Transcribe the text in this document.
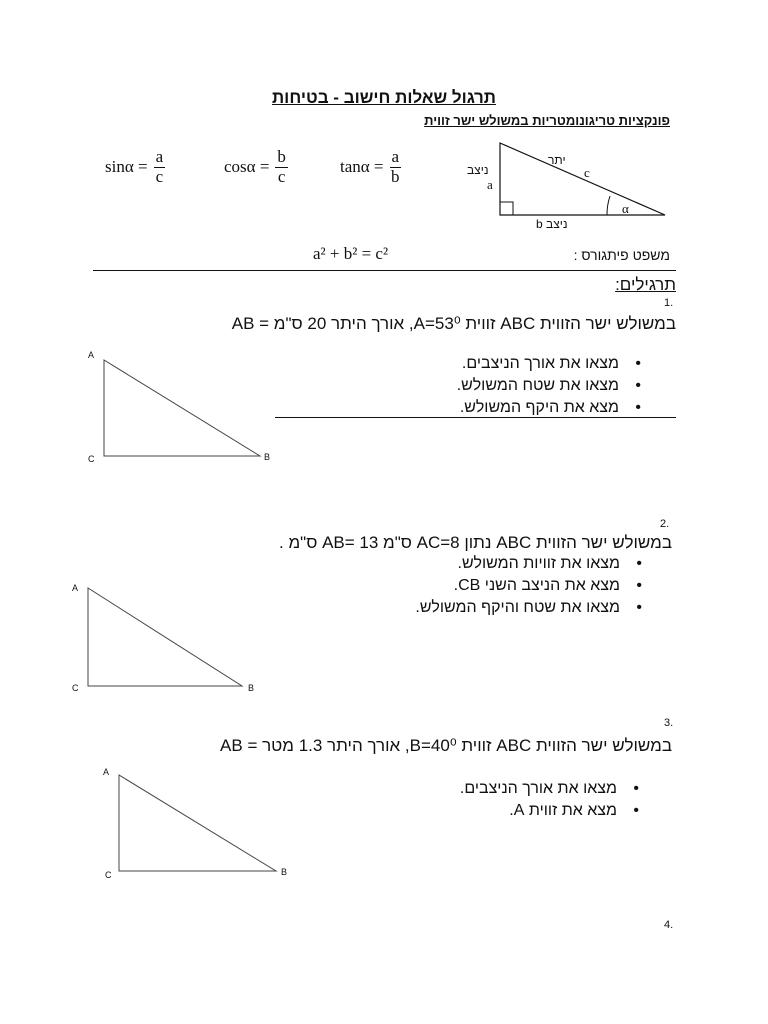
תרגול שאלות חישוב - בטיחות
פונקציות טריגונומטריות במשולש ישר זווית
$\sin\alpha = \frac{a}{c}$	$\cos\alpha = \frac{b}{c}$	$\tan\alpha = \frac{a}{b}$	יתר
c
ניצב
a
ניצב b
α
a² + b² = c²	משפט פיתגורס :
תרגילים:
1.
במשולש ישר הזווית ABC זווית A=53⁰, אורך היתר 20 ס"מ = AB
• מצאו את אורך הניצבים.
• מצאו את שטח המשולש.
• מצא את היקף המשולש.
A
C	B
2.
במשולש ישר הזווית ABC נתון AC=8 ס"מ AB= 13 ס"מ .
• מצאו את זוויות המשולש.
• מצא את הניצב השני CB.
• מצאו את שטח והיקף המשולש.
A
C	B
3.
במשולש ישר הזווית ABC זווית B=40⁰, אורך היתר 1.3 מטר = AB
• מצאו את אורך הניצבים.
• מצא את זווית A.
A
C	B
4.
